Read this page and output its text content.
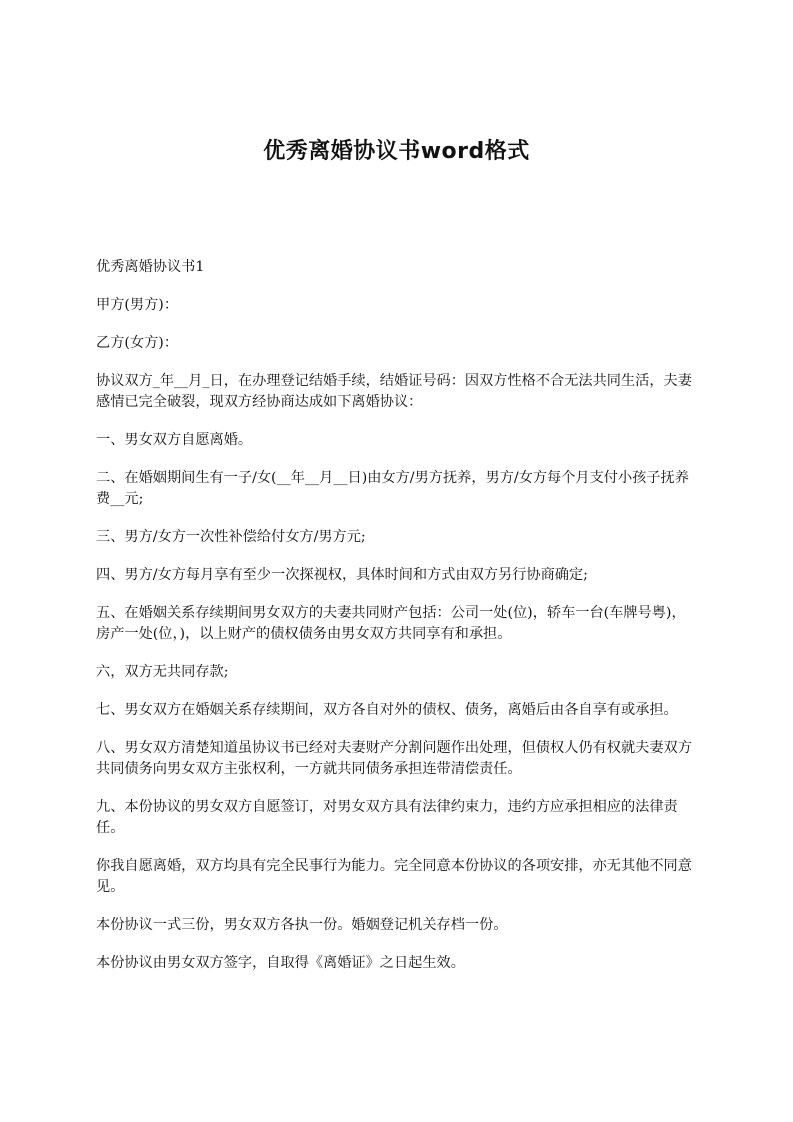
优秀离婚协议书word格式

优秀离婚协议书1

甲方(男方)：

乙方(女方)：

协议双方_年__月_日，在办理登记结婚手续，结婚证号码：因双方性格不合无法共同生活，夫妻感情已完全破裂，现双方经协商达成如下离婚协议：

一、男女双方自愿离婚。

二、在婚姻期间生有一子/女(__年__月__日)由女方/男方抚养，男方/女方每个月支付小孩子抚养费__元;

三、男方/女方一次性补偿给付女方/男方元;

四、男方/女方每月享有至少一次探视权，具体时间和方式由双方另行协商确定;

五、在婚姻关系存续期间男女双方的夫妻共同财产包括：公司一处(位)，轿车一台(车牌号粤)，房产一处(位，)，以上财产的债权债务由男女双方共同享有和承担。

六，双方无共同存款;

七、男女双方在婚姻关系存续期间，双方各自对外的债权、债务，离婚后由各自享有或承担。

八、男女双方清楚知道虽协议书已经对夫妻财产分割问题作出处理，但债权人仍有权就夫妻双方共同债务向男女双方主张权利，一方就共同债务承担连带清偿责任。

九、本份协议的男女双方自愿签订，对男女双方具有法律约束力，违约方应承担相应的法律责任。

你我自愿离婚，双方均具有完全民事行为能力。完全同意本份协议的各项安排，亦无其他不同意见。

本份协议一式三份，男女双方各执一份。婚姻登记机关存档一份。

本份协议由男女双方签字，自取得《离婚证》之日起生效。
